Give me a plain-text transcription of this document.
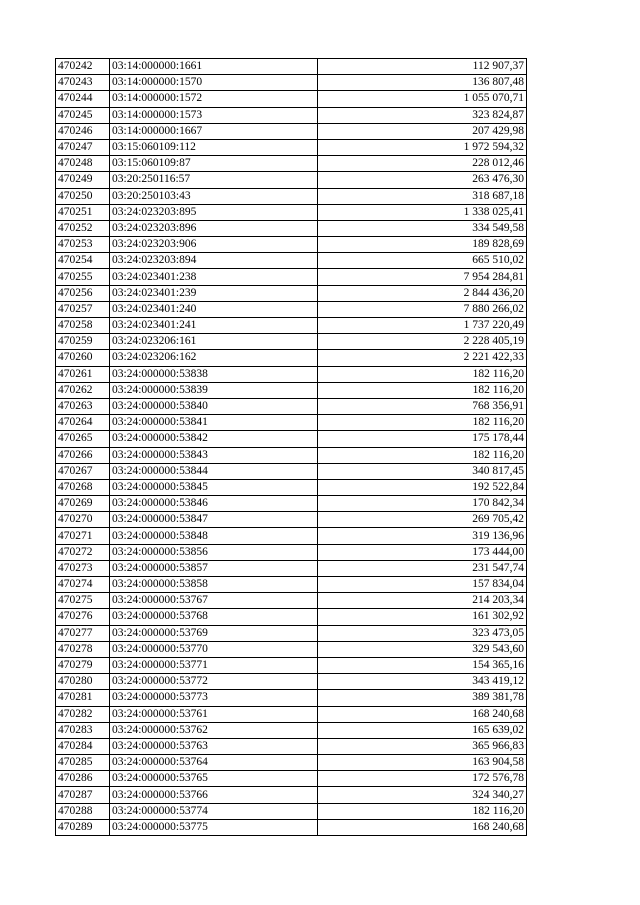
470242	03:14:000000:1661	112 907,37
470243	03:14:000000:1570	136 807,48
470244	03:14:000000:1572	1 055 070,71
470245	03:14:000000:1573	323 824,87
470246	03:14:000000:1667	207 429,98
470247	03:15:060109:112	1 972 594,32
470248	03:15:060109:87	228 012,46
470249	03:20:250116:57	263 476,30
470250	03:20:250103:43	318 687,18
470251	03:24:023203:895	1 338 025,41
470252	03:24:023203:896	334 549,58
470253	03:24:023203:906	189 828,69
470254	03:24:023203:894	665 510,02
470255	03:24:023401:238	7 954 284,81
470256	03:24:023401:239	2 844 436,20
470257	03:24:023401:240	7 880 266,02
470258	03:24:023401:241	1 737 220,49
470259	03:24:023206:161	2 228 405,19
470260	03:24:023206:162	2 221 422,33
470261	03:24:000000:53838	182 116,20
470262	03:24:000000:53839	182 116,20
470263	03:24:000000:53840	768 356,91
470264	03:24:000000:53841	182 116,20
470265	03:24:000000:53842	175 178,44
470266	03:24:000000:53843	182 116,20
470267	03:24:000000:53844	340 817,45
470268	03:24:000000:53845	192 522,84
470269	03:24:000000:53846	170 842,34
470270	03:24:000000:53847	269 705,42
470271	03:24:000000:53848	319 136,96
470272	03:24:000000:53856	173 444,00
470273	03:24:000000:53857	231 547,74
470274	03:24:000000:53858	157 834,04
470275	03:24:000000:53767	214 203,34
470276	03:24:000000:53768	161 302,92
470277	03:24:000000:53769	323 473,05
470278	03:24:000000:53770	329 543,60
470279	03:24:000000:53771	154 365,16
470280	03:24:000000:53772	343 419,12
470281	03:24:000000:53773	389 381,78
470282	03:24:000000:53761	168 240,68
470283	03:24:000000:53762	165 639,02
470284	03:24:000000:53763	365 966,83
470285	03:24:000000:53764	163 904,58
470286	03:24:000000:53765	172 576,78
470287	03:24:000000:53766	324 340,27
470288	03:24:000000:53774	182 116,20
470289	03:24:000000:53775	168 240,68
